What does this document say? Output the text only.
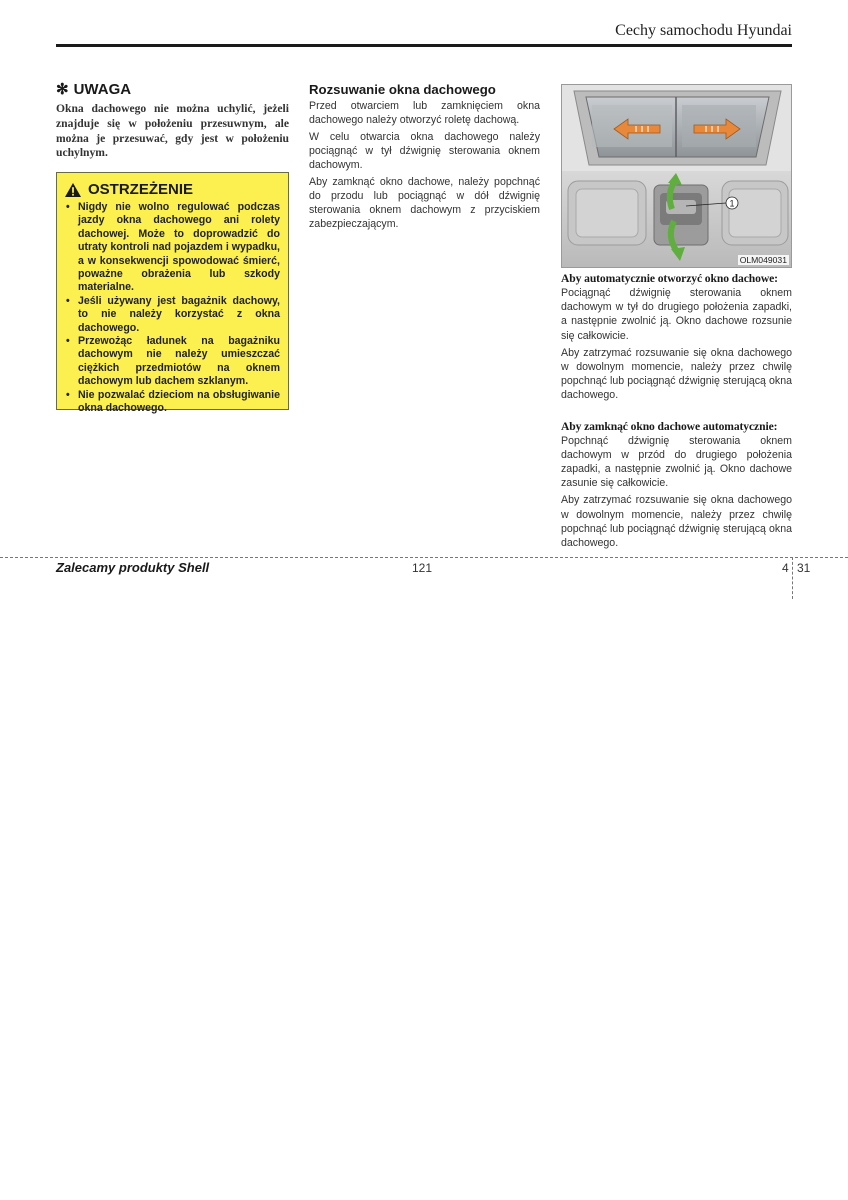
Cechy samochodu Hyundai
✻ UWAGA
Okna dachowego nie można uchylić, jeżeli znajduje się w położeniu przesuwnym, ale można je przesuwać, gdy jest w położeniu uchylnym.
OSTRZEŻENIE
• Nigdy nie wolno regulować podczas jazdy okna dachowego ani rolety dachowej. Może to doprowadzić do utraty kontroli nad pojazdem i wypadku, a w konsekwencji spowodować śmierć, poważne obrażenia lub szkody materialne.
• Jeśli używany jest bagażnik dachowy, to nie należy korzystać z okna dachowego.
• Przewożąc ładunek na bagażniku dachowym nie należy umieszczać ciężkich przedmiotów na oknem dachowym lub dachem szklanym.
• Nie pozwalać dzieciom na obsługiwanie okna dachowego.
Rozsuwanie okna dachowego

Przed otwarciem lub zamknięciem okna dachowego należy otworzyć roletę dachową.

W celu otwarcia okna dachowego należy pociągnąć w tył dźwignię sterowania oknem dachowym.

Aby zamknąć okno dachowe, należy popchnąć do przodu lub pociągnąć w dół dźwignię sterowania oknem dachowym z przyciskiem zabezpieczającym.

1
OLM049031
Aby automatycznie otworzyć okno dachowe:

Pociągnąć dźwignię sterowania oknem dachowym w tył do drugiego położenia zapadki, a następnie zwolnić ją. Okno dachowe rozsunie się całkowicie.

Aby zatrzymać rozsuwanie się okna dachowego w dowolnym momencie, należy przez chwilę popchnąć lub pociągnąć dźwignię sterującą okna dachowego.

Aby zamknąć okno dachowe automatycznie:

Popchnąć dźwignię sterowania oknem dachowym w przód do drugiego położenia zapadki, a następnie zwolnić ją. Okno dachowe zasunie się całkowicie.

Aby zatrzymać rozsuwanie się okna dachowego w dowolnym momencie, należy przez chwilę popchnąć lub pociągnąć dźwignię sterującą okna dachowego.

Zalecamy produkty Shell	121	4 31
